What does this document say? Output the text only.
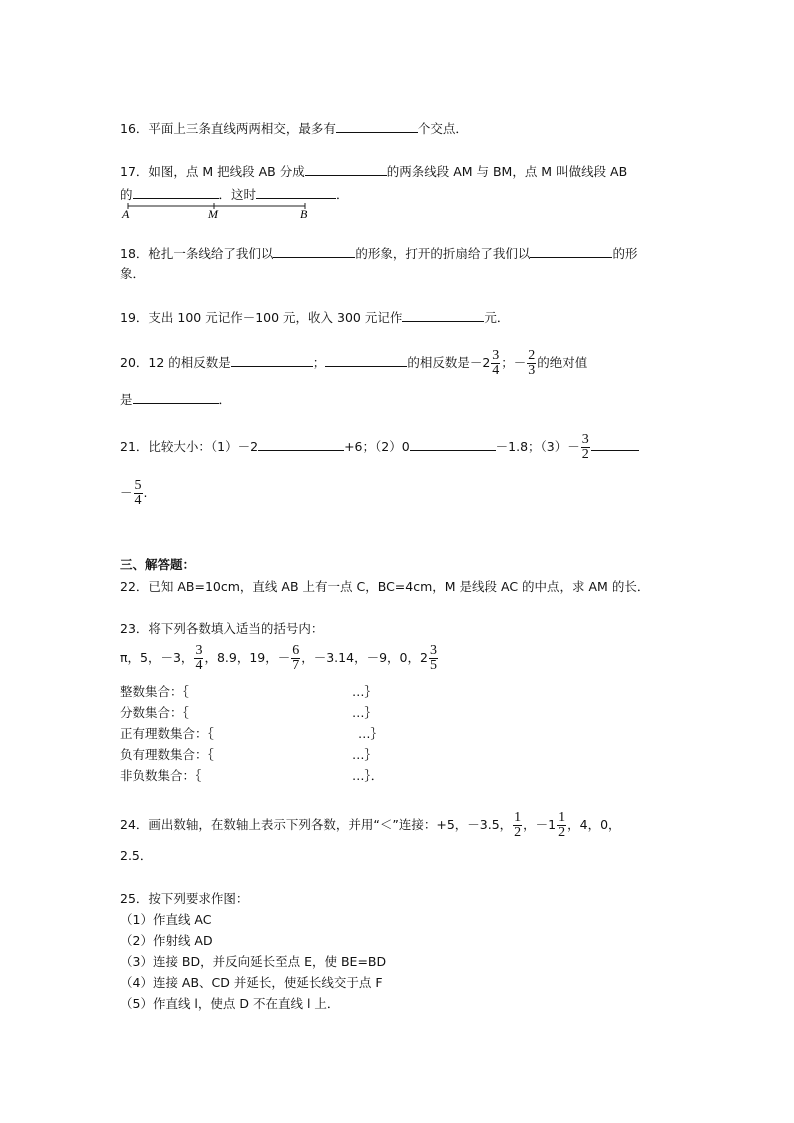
16．平面上三条直线两两相交，最多有	个交点．
17．如图，点 M 把线段 AB 分成	的两条线段 AM 与 BM，点 M 叫做线段 AB
的	．这时	．
A	M	B
18．枪扎一条线给了我们以	的形象，打开的折扇给了我们以	的形
象．
19．支出 100 元记作－100 元，收入 300 元记作	元．
20．12 的相反数是	；	的相反数是$-2 \frac{3}{4}$ ；－ $\frac{2}{3}$ 的绝对值
是	．
21．比较大小：（1）－2	+6；（2）0	－1.8；$(3)- \frac{3}{2}$
－ $\frac{5}{4}$ .
三、解答题：
22．已知 AB=10cm，直线 AB 上有一点 C，BC=4cm，M 是线段 AC 的中点，求 AM 的长．
23．将下列各数填入适当的括号内：
π，5，－3， $\frac{3}{4}$ ，8.9，19，－ $\frac{6}{7}$ ，－3.14，－9，0，$2 \frac{3}{5}$
整数集合：｛	…｝
分数集合：｛	…｝
正有理数集合：｛	…｝
负有理数集合：｛	…｝
非负数集合：｛	…｝．
24．画出数轴，在数轴上表示下列各数，并用“＜”连接：+5，－3.5， $\frac{1}{2}$ ，$-1 \frac{1}{2}$ ，4，0，
2.5．
25．按下列要求作图：
（1）作直线 AC
（2）作射线 AD
（3）连接 BD，并反向延长至点 E，使 BE=BD
（4）连接 AB、CD 并延长，使延长线交于点 F
（5）作直线 l，使点 D 不在直线 l 上．
